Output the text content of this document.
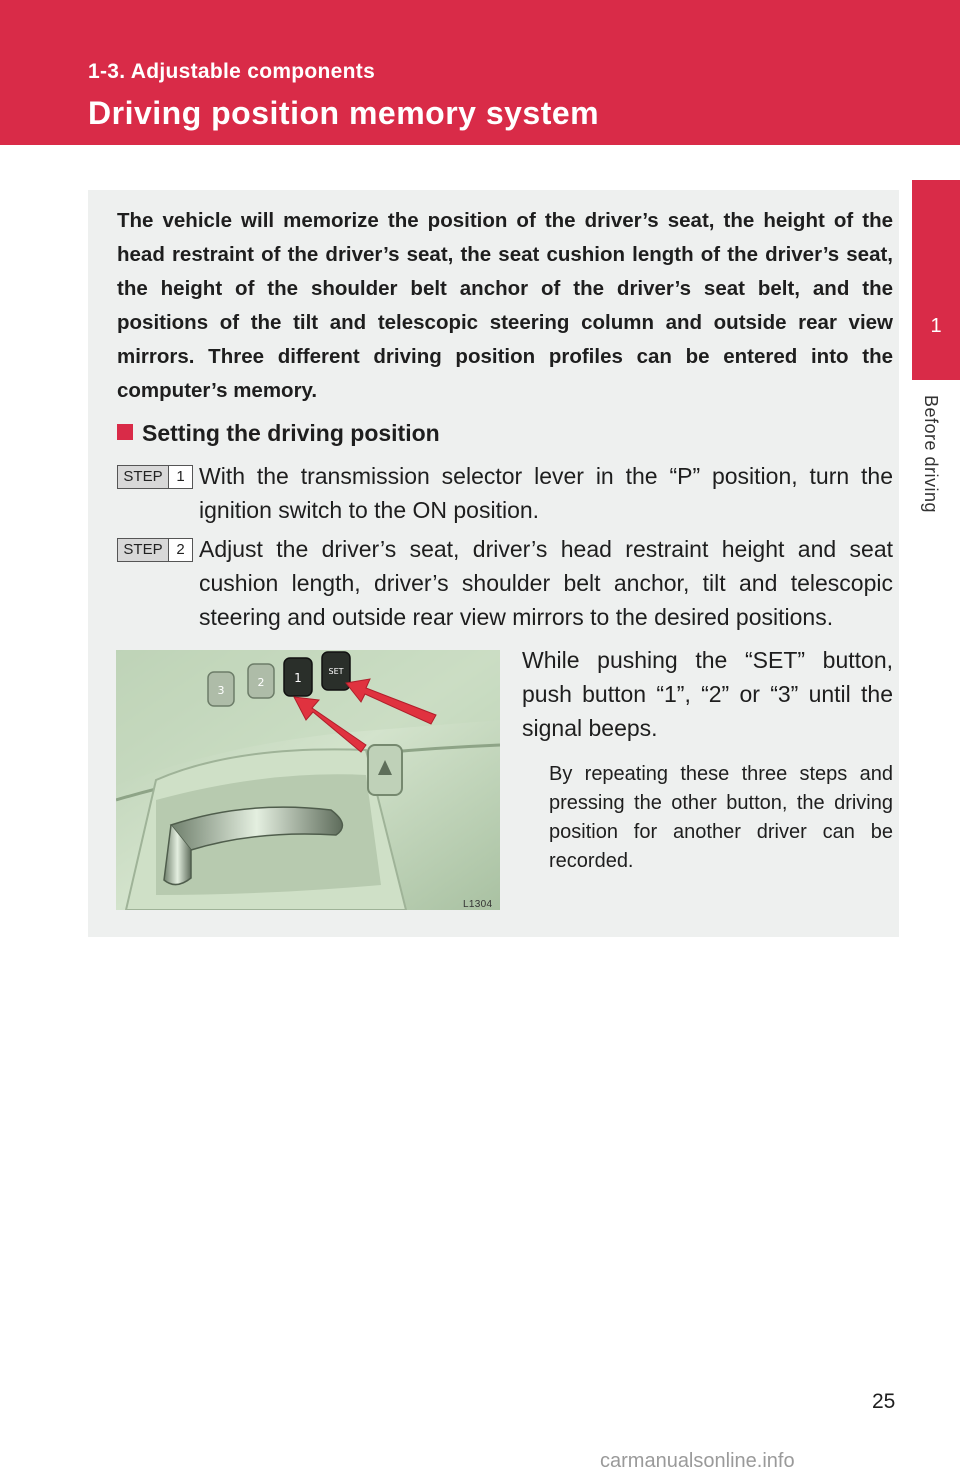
1-3. Adjustable components
Driving position memory system
1
Before driving
The vehicle will memorize the position of the driver’s seat, the height of the head restraint of the driver’s seat, the seat cushion length of the driver’s seat, the height of the shoulder belt anchor of the driver’s seat belt, and the positions of the tilt and telescopic steering column and outside rear view mirrors. Three different driving position profiles can be entered into the computer’s memory.
Setting the driving position
STEP 1 With the transmission selector lever in the “P” position, turn the ignition switch to the ON position.
STEP 2 Adjust the driver’s seat, driver’s head restraint height and seat cushion length, driver’s shoulder belt anchor, tilt and telescopic steering and outside rear view mirrors to the desired positions.
3
2 1	SET
L1304
While pushing the “SET” button, push button “1”, “2” or “3” until the signal beeps.
By repeating these three steps and pressing the other button, the driving position for another driver can be recorded.
25
carmanualsonline.info
